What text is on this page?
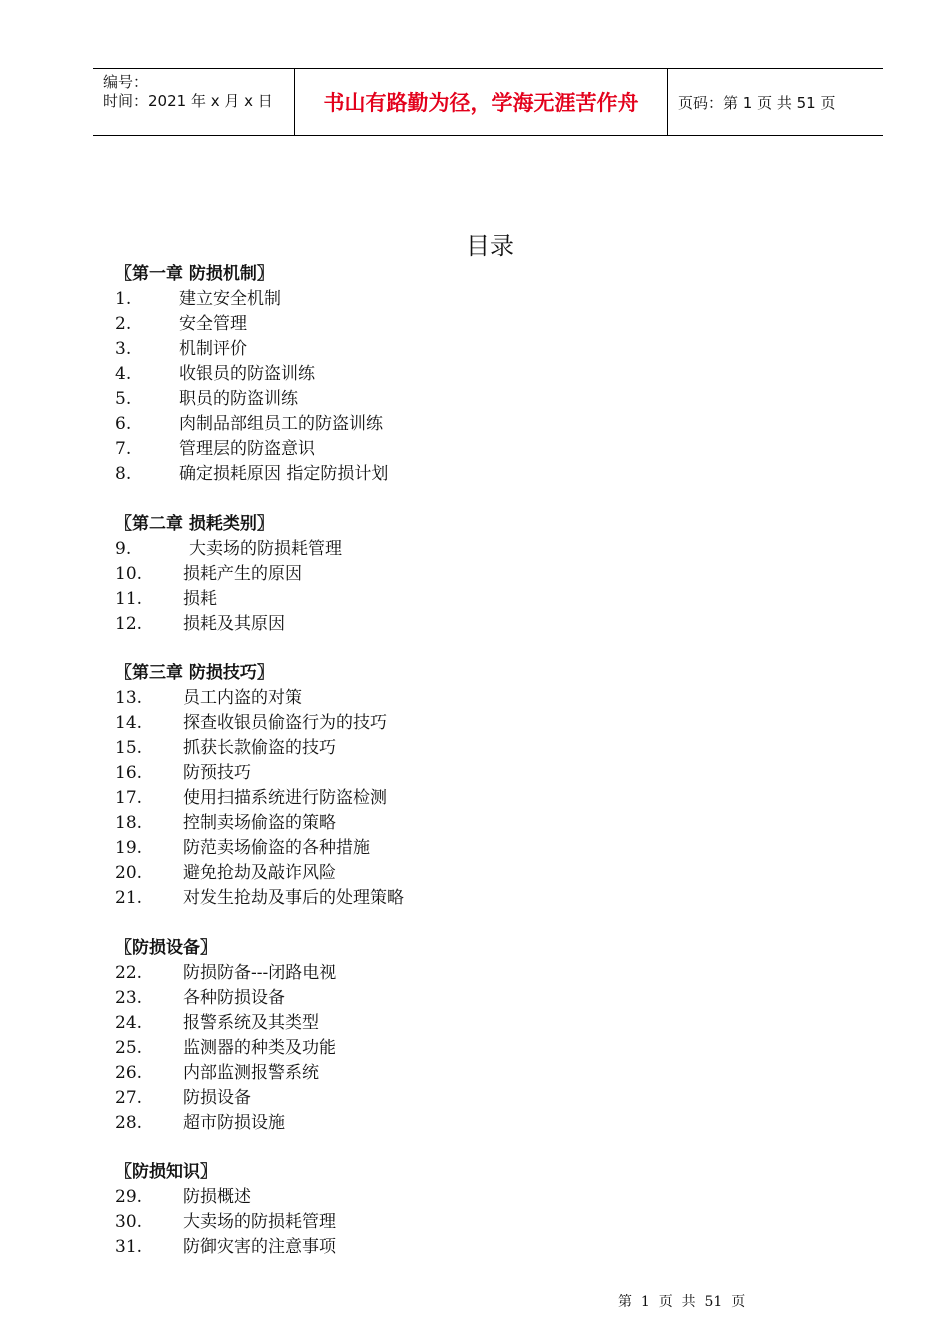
编号：
时间：2021 年 x 月 x 日 书山有路勤为径，学海无涯苦作舟	页码：第 1 页 共 51 页
目录
〖第一章 防损机制〗
1.	建立安全机制
2.	安全管理
3.	机制评价
4.	收银员的防盗训练
5.	职员的防盗训练
6.	肉制品部组员工的防盗训练
7.	管理层的防盗意识
8.	确定损耗原因 指定防损计划
〖第二章 损耗类别〗
9.	大卖场的防损耗管理
10. 损耗产生的原因
11. 损耗
12. 损耗及其原因
〖第三章 防损技巧〗
13. 员工内盗的对策
14. 探查收银员偷盗行为的技巧
15. 抓获长款偷盗的技巧
16. 防预技巧
17. 使用扫描系统进行防盗检测
18. 控制卖场偷盗的策略
19. 防范卖场偷盗的各种措施
20. 避免抢劫及敲诈风险
21. 对发生抢劫及事后的处理策略
〖防损设备〗
22. 防损防备---闭路电视
23. 各种防损设备
24. 报警系统及其类型
25. 监测器的种类及功能
26. 内部监测报警系统
27. 防损设备
28. 超市防损设施
〖防损知识〗
29. 防损概述
30. 大卖场的防损耗管理
31. 防御灾害的注意事项
第  1  页  共  51  页
